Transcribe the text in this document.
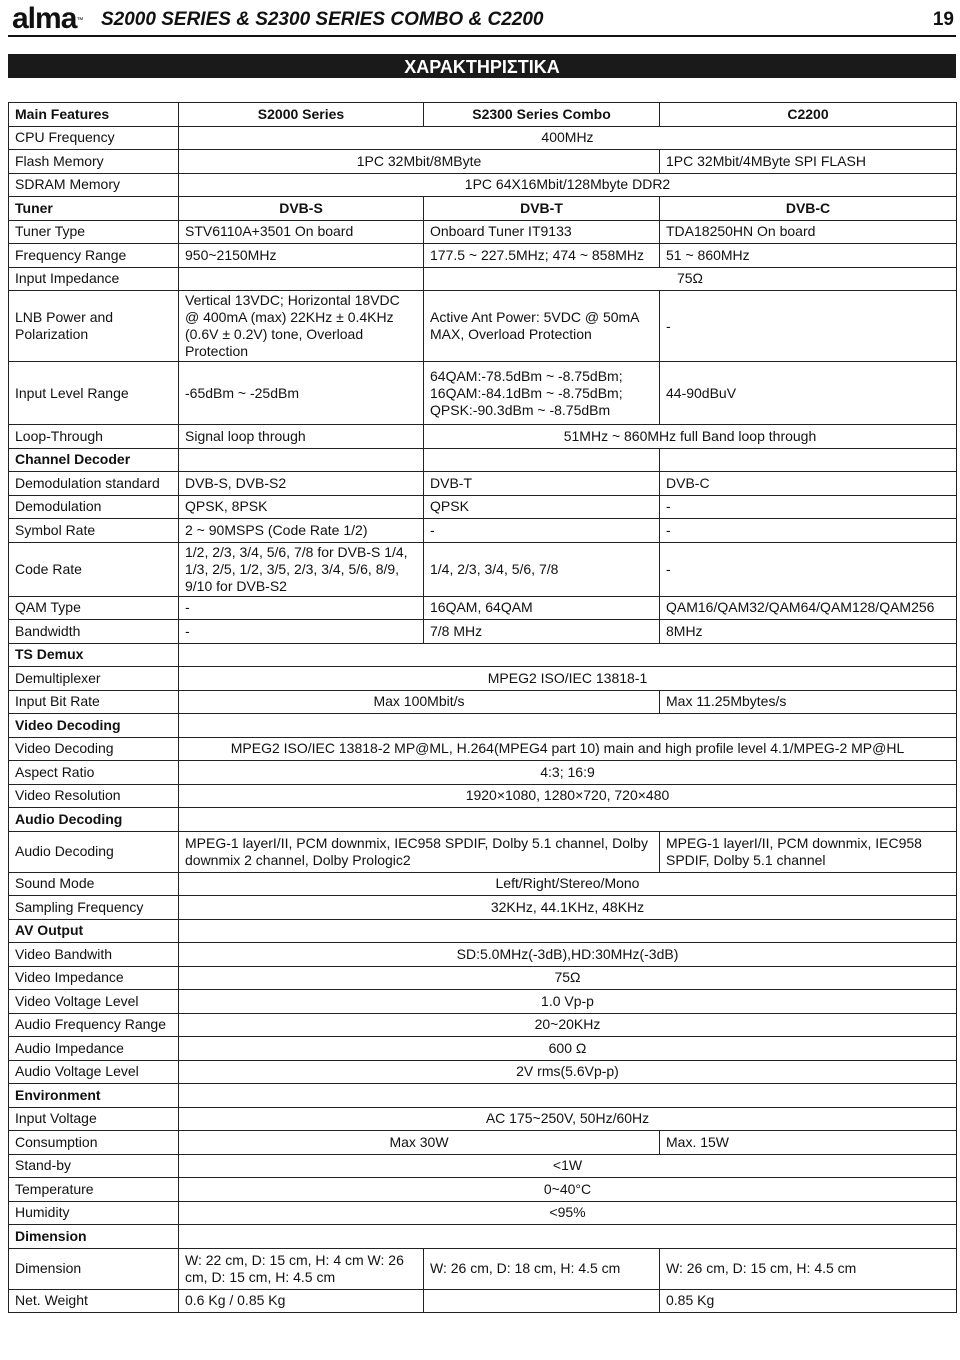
alma™ S2000 SERIES & S2300 SERIES COMBO & C2200	19
ΧΑΡΑΚΤΗΡΙΣΤΙΚΑ
Main Features	S2000 Series	S2300 Series Combo	C2200
CPU Frequency	400MHz		
Flash Memory	1PC 32Mbit/8MByte		1PC 32Mbit/4MByte SPI FLASH
SDRAM Memory	1PC 64X16Mbit/128Mbyte DDR2		
Tuner	DVB-S	DVB-T	DVB-C
Tuner Type	STV6110A+3501 On board	Onboard Tuner IT9133	TDA18250HN On board
Frequency Range	950~2150MHz	177.5 ~ 227.5MHz; 474 ~ 858MHz	51 ~ 860MHz
Input Impedance		75Ω	
LNB Power and Polarization	Vertical 13VDC; Horizontal 18VDC @ 400mA (max) 22KHz ± 0.4KHz (0.6V ± 0.2V) tone, Overload Protection	Active Ant Power: 5VDC @ 50mA MAX, Overload Protection	-
Input Level Range	-65dBm ~ -25dBm	64QAM:-78.5dBm ~ -8.75dBm; 16QAM:-84.1dBm ~ -8.75dBm; QPSK:-90.3dBm ~ -8.75dBm	44-90dBuV
Loop-Through	Signal loop through	51MHz ~ 860MHz full Band loop through	
Channel Decoder			
Demodulation standard	DVB-S, DVB-S2	DVB-T	DVB-C
Demodulation	QPSK, 8PSK	QPSK	-
Symbol Rate	2 ~ 90MSPS (Code Rate 1/2)	-	-
Code Rate	1/2, 2/3, 3/4, 5/6, 7/8 for DVB-S 1/4, 1/3, 2/5, 1/2, 3/5, 2/3, 3/4, 5/6, 8/9, 9/10 for DVB-S2	1/4, 2/3, 3/4, 5/6, 7/8	-
QAM Type	-	16QAM, 64QAM	QAM16/QAM32/QAM64/QAM128/QAM256
Bandwidth	-	7/8 MHz	8MHz
TS Demux			
Demultiplexer	MPEG2 ISO/IEC 13818-1		
Input Bit Rate	Max 100Mbit/s		Max 11.25Mbytes/s
Video Decoding			
Video Decoding	MPEG2 ISO/IEC 13818-2 MP@ML, H.264(MPEG4 part 10) main and high profile level 4.1/MPEG-2 MP@HL		
Aspect Ratio	4:3; 16:9		
Video Resolution	1920×1080, 1280×720, 720×480		
Audio Decoding			
Audio Decoding	MPEG-1 layerI/II, PCM downmix, IEC958 SPDIF, Dolby 5.1 channel, Dolby downmix 2 channel, Dolby Prologic2		MPEG-1 layerI/II, PCM downmix, IEC958 SPDIF, Dolby 5.1 channel
Sound Mode	Left/Right/Stereo/Mono		
Sampling Frequency	32KHz, 44.1KHz, 48KHz		
AV Output			
Video Bandwith	SD:5.0MHz(-3dB),HD:30MHz(-3dB)		
Video Impedance	75Ω		
Video Voltage Level	1.0 Vp-p		
Audio Frequency Range	20~20KHz		
Audio Impedance	600 Ω		
Audio Voltage Level	2V rms(5.6Vp-p)		
Environment			
Input Voltage	AC 175~250V, 50Hz/60Hz		
Consumption	Max 30W		Max. 15W
Stand-by	<1W		
Temperature	0~40°C		
Humidity	<95%		
Dimension			
Dimension	W: 22 cm, D: 15 cm, H: 4 cm W: 26 cm, D: 15 cm, H: 4.5 cm	W: 26 cm, D: 18 cm, H: 4.5 cm	W: 26 cm, D: 15 cm, H: 4.5 cm
Net. Weight	0.6 Kg / 0.85 Kg		0.85 Kg
